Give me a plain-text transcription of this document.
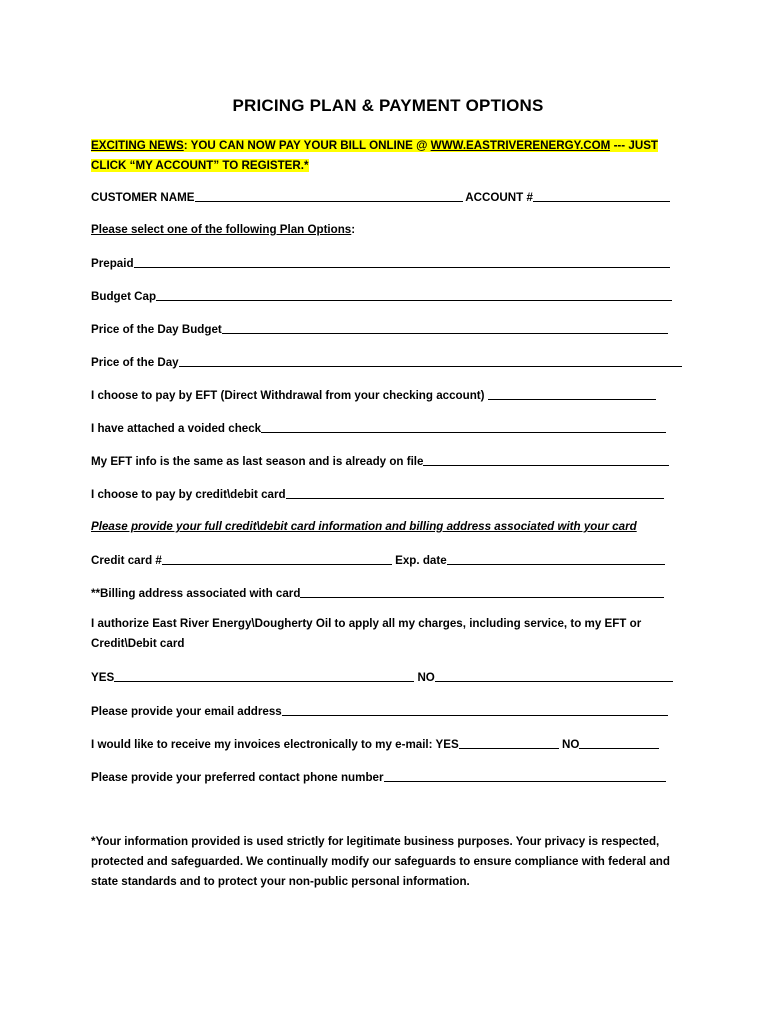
PRICING PLAN & PAYMENT OPTIONS
EXCITING NEWS: YOU CAN NOW PAY YOUR BILL ONLINE @ WWW.EASTRIVERENERGY.COM --- JUST CLICK “MY ACCOUNT” TO REGISTER.*
CUSTOMER NAME	ACCOUNT #
Please select one of the following Plan Options:
Prepaid
Budget Cap
Price of the Day Budget
Price of the Day
I choose to pay by EFT (Direct Withdrawal from your checking account)
I have attached a voided check
My EFT info is the same as last season and is already on file
I choose to pay by credit\debit card
Please provide your full credit\debit card information and billing address associated with your card
Credit card #	Exp. date
**Billing address associated with card
I authorize East River Energy\Dougherty Oil to apply all my charges, including service, to my EFT or Credit\Debit card
YES	NO
Please provide your email address
I would like to receive my invoices electronically to my e-mail: YES	NO
Please provide your preferred contact phone number
*Your information provided is used strictly for legitimate business purposes. Your privacy is respected, protected and safeguarded. We continually modify our safeguards to ensure compliance with federal and state standards and to protect your non-public personal information.
